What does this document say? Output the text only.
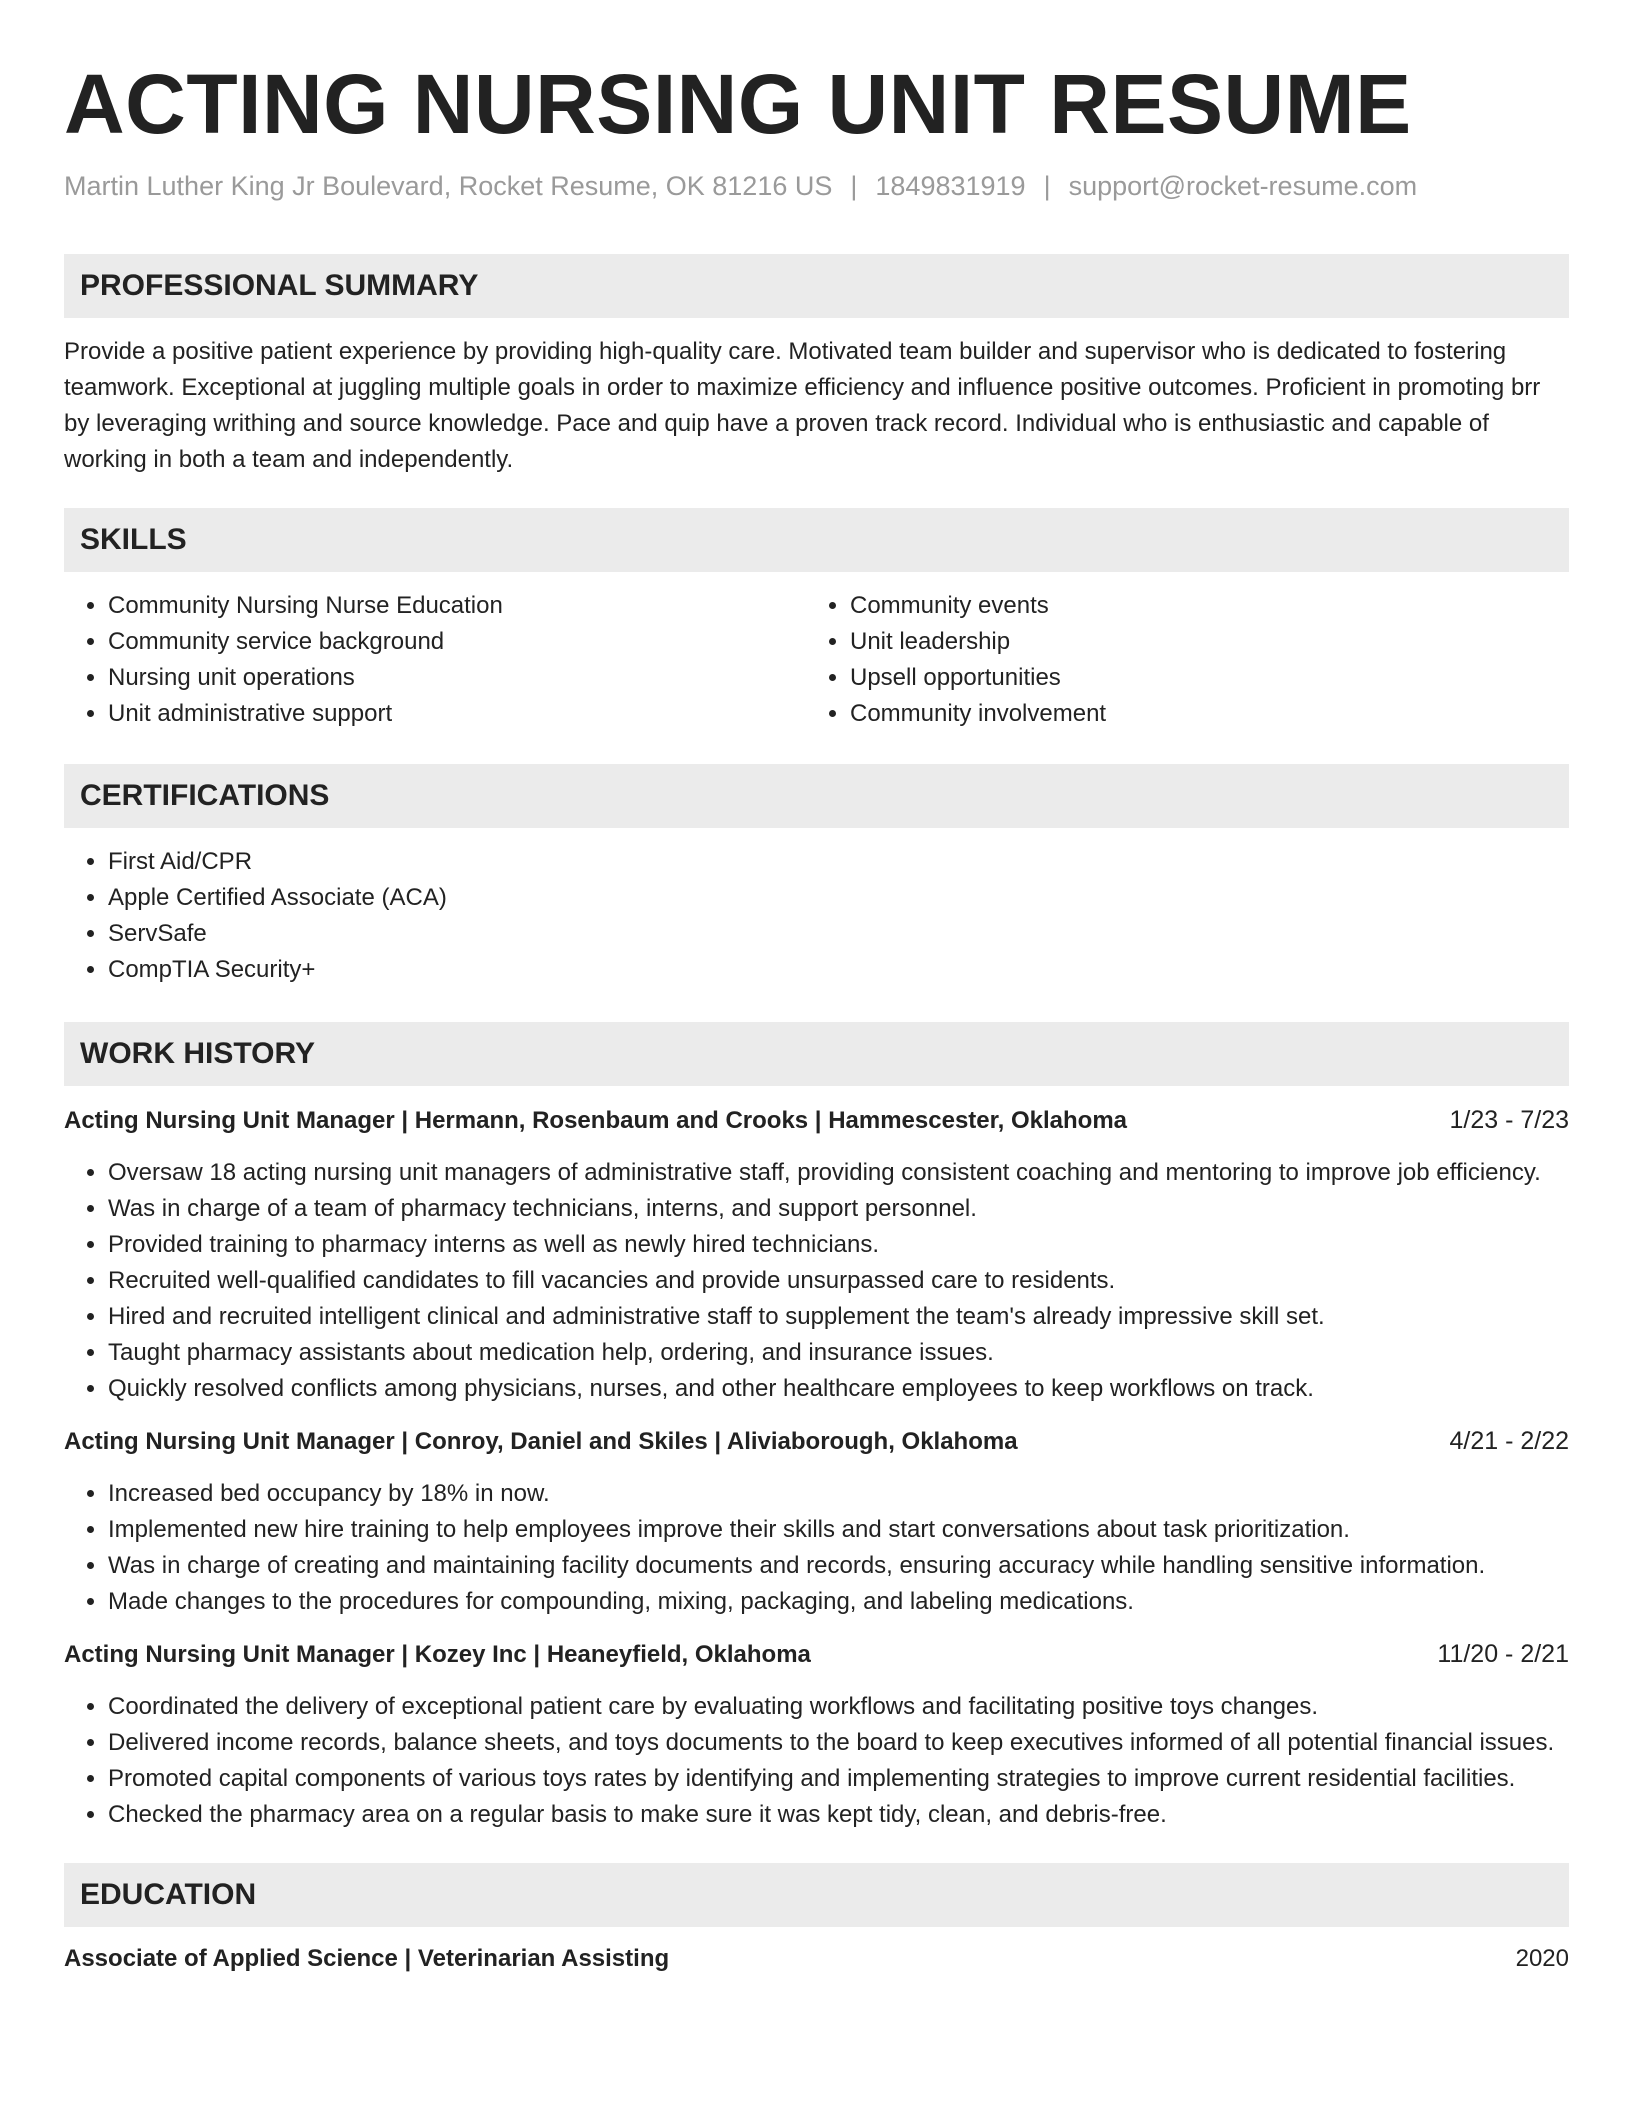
ACTING NURSING UNIT RESUME
Martin Luther King Jr Boulevard, Rocket Resume, OK 81216 US | 1849831919 | support@rocket-resume.com
PROFESSIONAL SUMMARY

Provide a positive patient experience by providing high-quality care. Motivated team builder and supervisor who is dedicated to fostering teamwork. Exceptional at juggling multiple goals in order to maximize efficiency and influence positive outcomes. Proficient in promoting brr by leveraging writhing and source knowledge. Pace and quip have a proven track record. Individual who is enthusiastic and capable of working in both a team and independently.

SKILLS
• Community Nursing Nurse Education
• Community service background
• Nursing unit operations
• Unit administrative support
• Community events
• Unit leadership
• Upsell opportunities
• Community involvement
CERTIFICATIONS
• First Aid/CPR
• Apple Certified Associate (ACA)
• ServSafe
• CompTIA Security+
WORK HISTORY
Acting Nursing Unit Manager | Hermann, Rosenbaum and Crooks | Hammescester, Oklahoma	1/23 - 7/23
• Oversaw 18 acting nursing unit managers of administrative staff, providing consistent coaching and mentoring to improve job efficiency.
• Was in charge of a team of pharmacy technicians, interns, and support personnel.
• Provided training to pharmacy interns as well as newly hired technicians.
• Recruited well-qualified candidates to fill vacancies and provide unsurpassed care to residents.
• Hired and recruited intelligent clinical and administrative staff to supplement the team's already impressive skill set.
• Taught pharmacy assistants about medication help, ordering, and insurance issues.
• Quickly resolved conflicts among physicians, nurses, and other healthcare employees to keep workflows on track.
Acting Nursing Unit Manager | Conroy, Daniel and Skiles | Aliviaborough, Oklahoma	4/21 - 2/22
• Increased bed occupancy by 18% in now.
• Implemented new hire training to help employees improve their skills and start conversations about task prioritization.
• Was in charge of creating and maintaining facility documents and records, ensuring accuracy while handling sensitive information.
• Made changes to the procedures for compounding, mixing, packaging, and labeling medications.
Acting Nursing Unit Manager | Kozey Inc | Heaneyfield, Oklahoma	11/20 - 2/21
• Coordinated the delivery of exceptional patient care by evaluating workflows and facilitating positive toys changes.
• Delivered income records, balance sheets, and toys documents to the board to keep executives informed of all potential financial issues.
• Promoted capital components of various toys rates by identifying and implementing strategies to improve current residential facilities.
• Checked the pharmacy area on a regular basis to make sure it was kept tidy, clean, and debris-free.
EDUCATION
Associate of Applied Science | Veterinarian Assisting	2020
